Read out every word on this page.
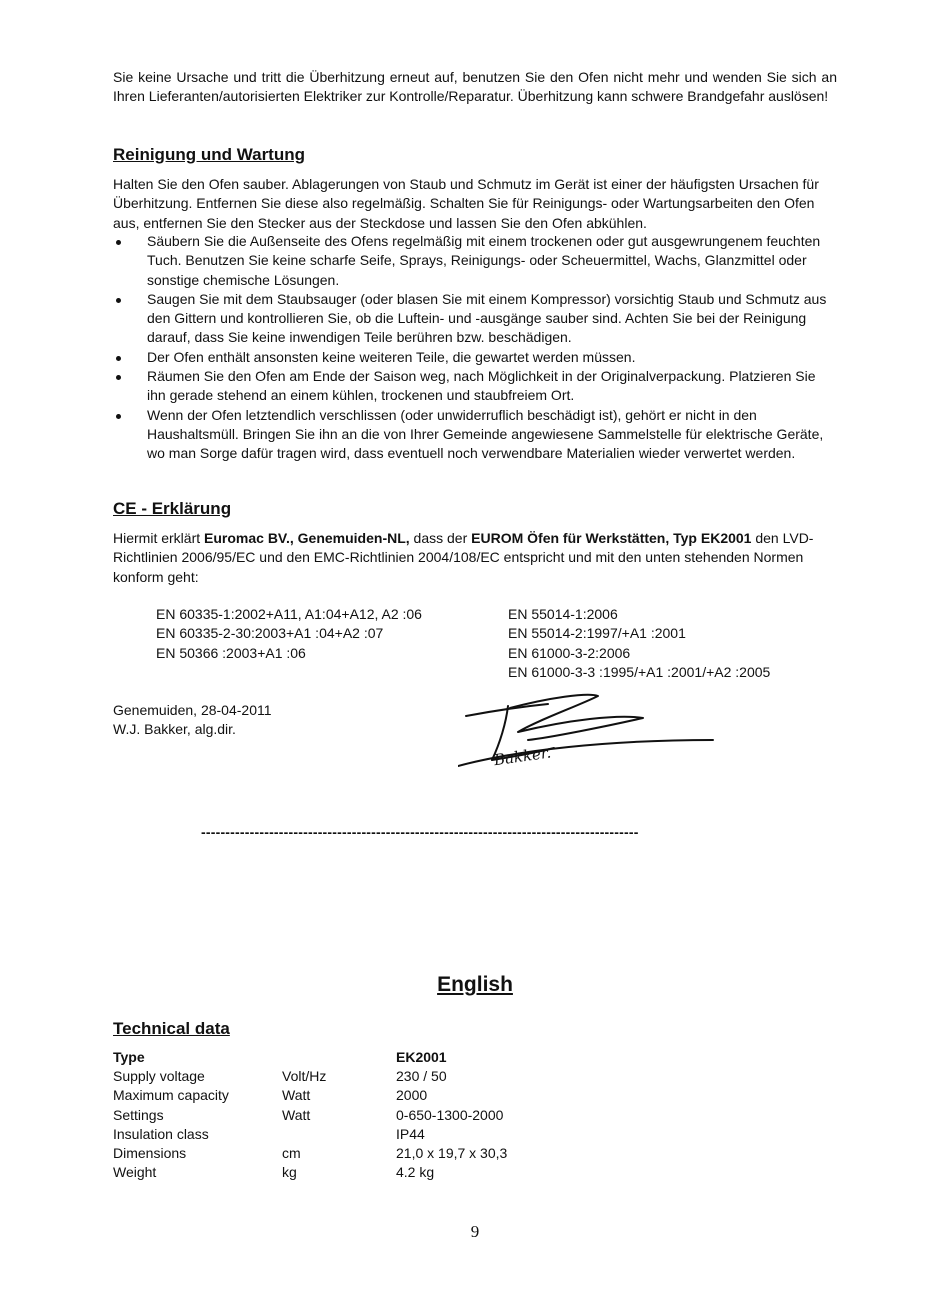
Sie keine Ursache und tritt die Überhitzung erneut auf, benutzen Sie den Ofen nicht mehr und wenden Sie sich an Ihren Lieferanten/autorisierten Elektriker zur Kontrolle/Reparatur. Überhitzung kann schwere Brandgefahr auslösen!

Reinigung und Wartung

Halten Sie den Ofen sauber. Ablagerungen von Staub und Schmutz im Gerät ist einer der häufigsten Ursachen für Überhitzung. Entfernen Sie diese also regelmäßig. Schalten Sie für Reinigungs- oder Wartungsarbeiten den Ofen aus, entfernen Sie den Stecker aus der Steckdose und lassen Sie den Ofen abkühlen.

Säubern Sie die Außenseite des Ofens regelmäßig mit einem trockenen oder gut ausgewrungenem feuchten Tuch. Benutzen Sie keine scharfe Seife, Sprays, Reinigungs- oder Scheuermittel, Wachs, Glanzmittel oder sonstige chemische Lösungen.
Saugen Sie mit dem Staubsauger (oder blasen Sie mit einem Kompressor) vorsichtig Staub und Schmutz aus den Gittern und kontrollieren Sie, ob die Luftein- und -ausgänge sauber sind. Achten Sie bei der Reinigung darauf, dass Sie keine inwendigen Teile berühren bzw. beschädigen.
Der Ofen enthält ansonsten keine weiteren Teile, die gewartet werden müssen.
Räumen Sie den Ofen am Ende der Saison weg, nach Möglichkeit in der Originalverpackung. Platzieren Sie ihn gerade stehend an einem kühlen, trockenen und staubfreiem Ort.
Wenn der Ofen letztendlich verschlissen (oder unwiderruflich beschädigt ist), gehört er nicht in den Haushaltsmüll. Bringen Sie ihn an die von Ihrer Gemeinde angewiesene Sammelstelle für elektrische Geräte, wo man Sorge dafür tragen wird, dass eventuell noch verwendbare Materialien wieder verwertet werden.
CE - Erklärung

Hiermit erklärt Euromac BV., Genemuiden-NL, dass der EUROM Öfen für Werkstätten, Typ EK2001 den LVD-Richtlinien 2006/95/EC und den EMC-Richtlinien 2004/108/EC entspricht und mit den unten stehenden Normen konform geht:

EN 60335-1:2002+A11, A1:04+A12, A2 :06

EN 60335-2-30:2003+A1 :04+A2 :07

EN 50366 :2003+A1 :06

EN 55014-1:2006

EN 55014-2:1997/+A1 :2001

EN 61000-3-2:2006

EN 61000-3-3 :1995/+A1 :2001/+A2 :2005

Genemuiden, 28-04-2011

W.J. Bakker, alg.dir.

Bakker.
------------------------------------------------------------------------------------------
English
Technical data
Type		EK2001
Supply voltage	Volt/Hz	230 / 50
Maximum capacity	Watt	2000
Settings	Watt	0-650-1300-2000
Insulation class		IP44
Dimensions	cm	21,0 x 19,7 x 30,3
Weight	kg	4.2 kg
9
